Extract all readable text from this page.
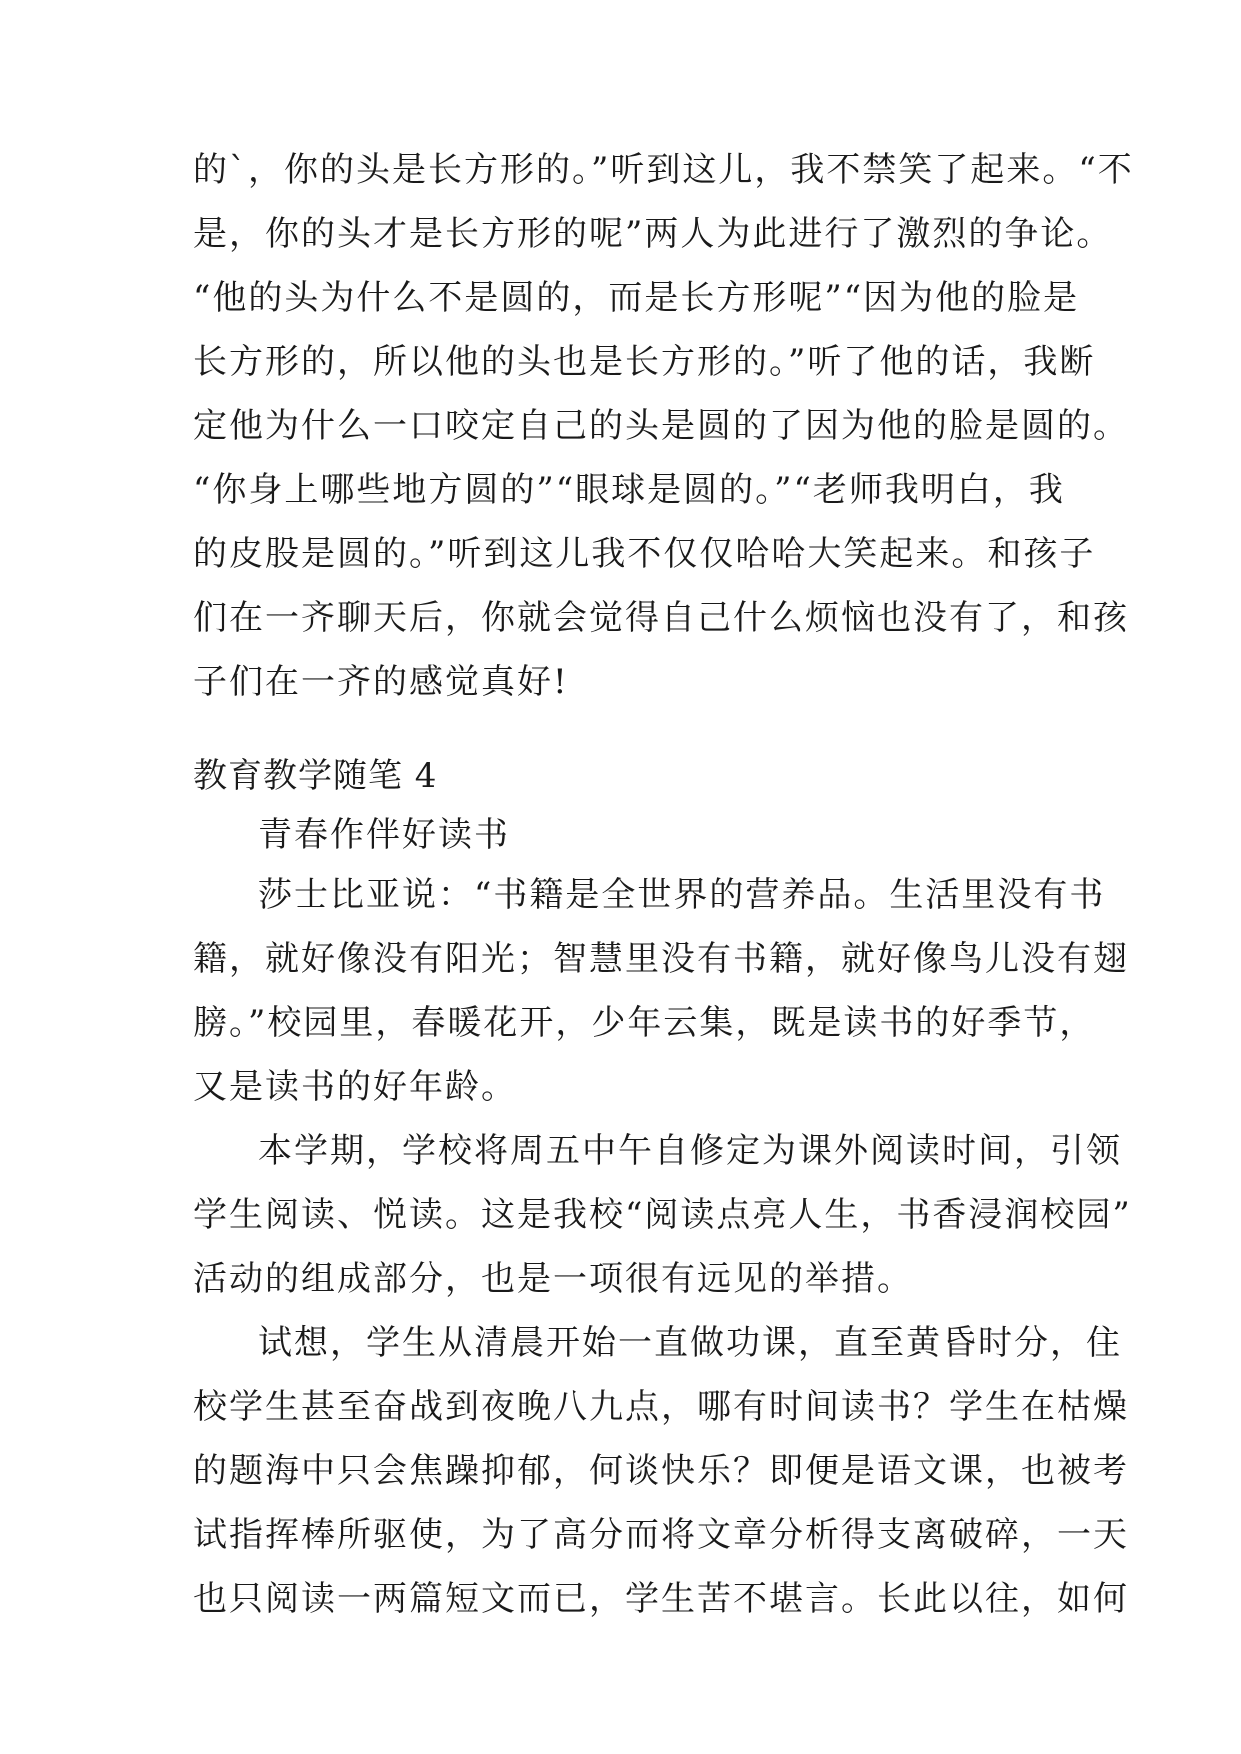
的`，你的头是长方形的。”听到这儿，我不禁笑了起来。“不
是，你的头才是长方形的呢”两人为此进行了激烈的争论。
“他的头为什么不是圆的，而是长方形呢”“因为他的脸是
长方形的，所以他的头也是长方形的。”听了他的话，我断
定他为什么一口咬定自己的头是圆的了因为他的脸是圆的。
“你身上哪些地方圆的”“眼球是圆的。”“老师我明白，我
的皮股是圆的。”听到这儿我不仅仅哈哈大笑起来。和孩子
们在一齐聊天后，你就会觉得自己什么烦恼也没有了，和孩
子们在一齐的感觉真好!
教育教学随笔 4
青春作伴好读书
莎士比亚说：“书籍是全世界的营养品。生活里没有书
籍，就好像没有阳光；智慧里没有书籍，就好像鸟儿没有翅
膀。”校园里，春暖花开，少年云集，既是读书的好季节，
又是读书的好年龄。
本学期，学校将周五中午自修定为课外阅读时间，引领
学生阅读、悦读。这是我校“阅读点亮人生，书香浸润校园”
活动的组成部分，也是一项很有远见的举措。
试想，学生从清晨开始一直做功课，直至黄昏时分，住
校学生甚至奋战到夜晚八九点，哪有时间读书？学生在枯燥
的题海中只会焦躁抑郁，何谈快乐？即便是语文课，也被考
试指挥棒所驱使，为了高分而将文章分析得支离破碎，一天
也只阅读一两篇短文而已，学生苦不堪言。长此以往，如何
